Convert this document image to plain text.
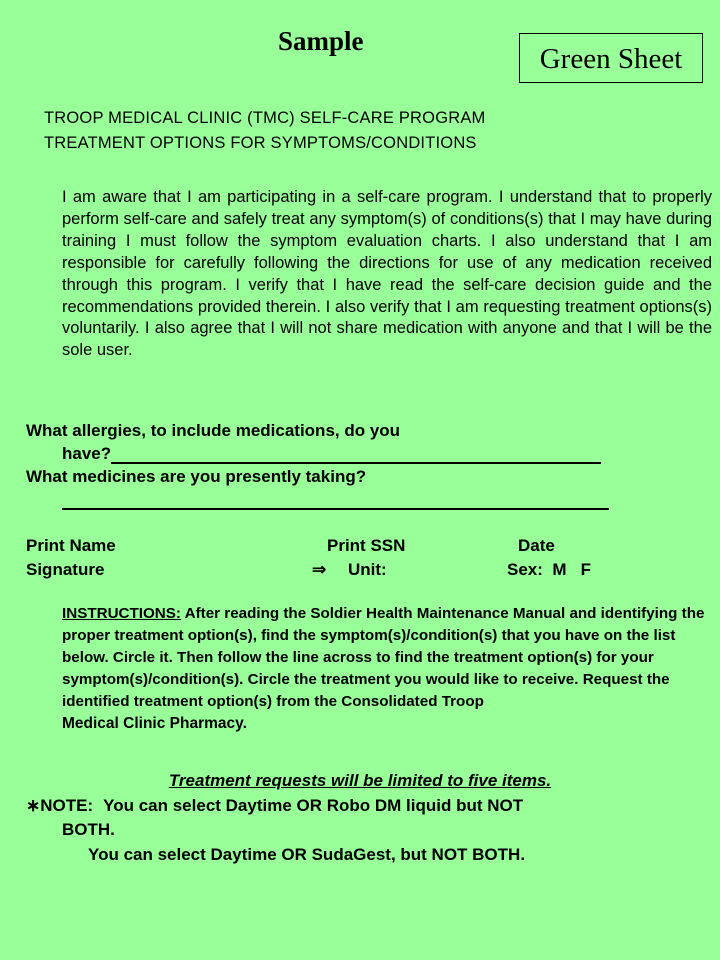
Sample
Green Sheet
TROOP MEDICAL CLINIC (TMC) SELF-CARE PROGRAM
TREATMENT OPTIONS FOR SYMPTOMS/CONDITIONS
I am aware that I am participating in a self-care program. I understand that to properly perform self-care and safely treat any symptom(s) of conditions(s) that I may have during training I must follow the symptom evaluation charts. I also understand that I am responsible for carefully following the directions for use of any medication received through this program. I verify that I have read the self-care decision guide and the recommendations provided therein. I also verify that I am requesting treatment options(s) voluntarily. I also agree that I will not share medication with anyone and that I will be the sole user.
What allergies, to include medications, do you
have?
What medicines are you presently taking?
Print Name	Print SSN	Date
Signature	⇒ Unit:	Sex:  M   F
INSTRUCTIONS: After reading the Soldier Health Maintenance Manual and identifying the proper treatment option(s), find the symptom(s)/condition(s) that you have on the list below. Circle it. Then follow the line across to find the treatment option(s) for your symptom(s)/condition(s). Circle the treatment you would like to receive. Request the identified treatment option(s) from the Consolidated Troop
Medical Clinic Pharmacy.
Treatment requests will be limited to five items.
∗NOTE: You can select Daytime OR Robo DM liquid but NOT
BOTH.
You can select Daytime OR SudaGest, but NOT BOTH.
